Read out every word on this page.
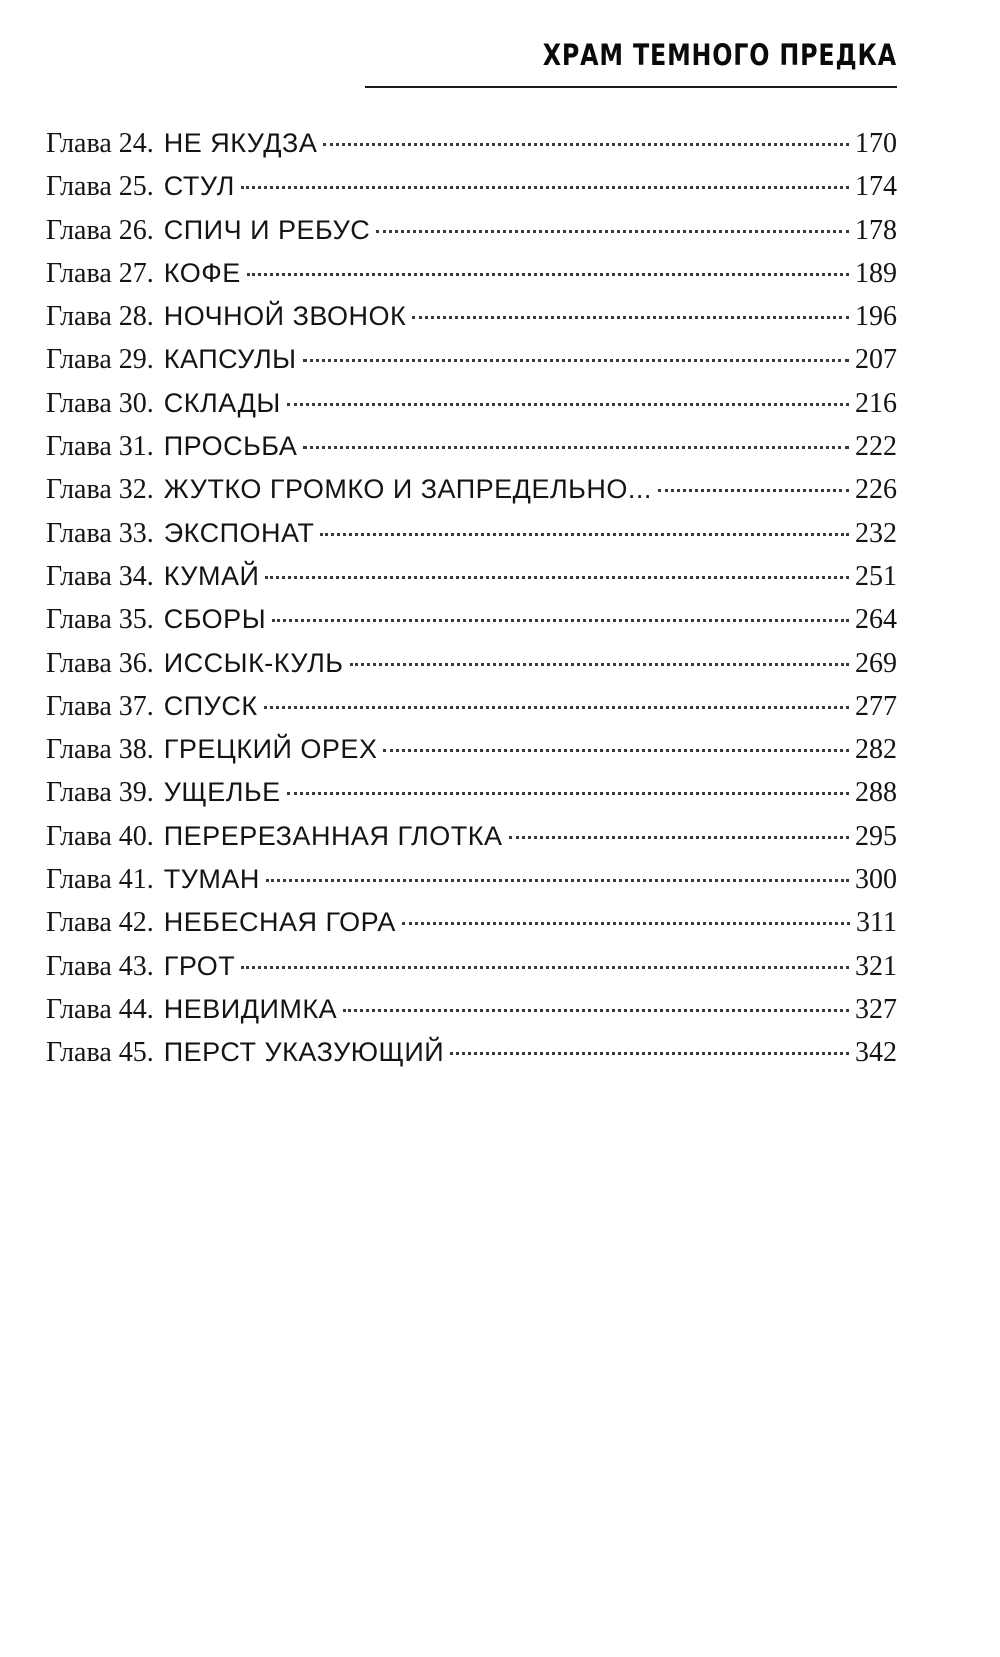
ХРАМ ТЕМНОГО ПРЕДКА
Глава 24. НЕ ЯКУДЗА	170
Глава 25. СТУЛ	174
Глава 26. СПИЧ И РЕБУС	178
Глава 27. КОФЕ	189
Глава 28. НОЧНОЙ ЗВОНОК	196
Глава 29. КАПСУЛЫ	207
Глава 30. СКЛАДЫ	216
Глава 31. ПРОСЬБА	222
Глава 32. ЖУТКО ГРОМКО И ЗАПРЕДЕЛЬНО...	226
Глава 33. ЭКСПОНАТ	232
Глава 34. КУМАЙ	251
Глава 35. СБОРЫ	264
Глава 36. ИССЫК-КУЛЬ	269
Глава 37. СПУСК	277
Глава 38. ГРЕЦКИЙ ОРЕХ	282
Глава 39. УЩЕЛЬЕ	288
Глава 40. ПЕРЕРЕЗАННАЯ ГЛОТКА	295
Глава 41. ТУМАН	300
Глава 42. НЕБЕСНАЯ ГОРА	311
Глава 43. ГРОТ	321
Глава 44. НЕВИДИМКА	327
Глава 45. ПЕРСТ УКАЗУЮЩИЙ	342
